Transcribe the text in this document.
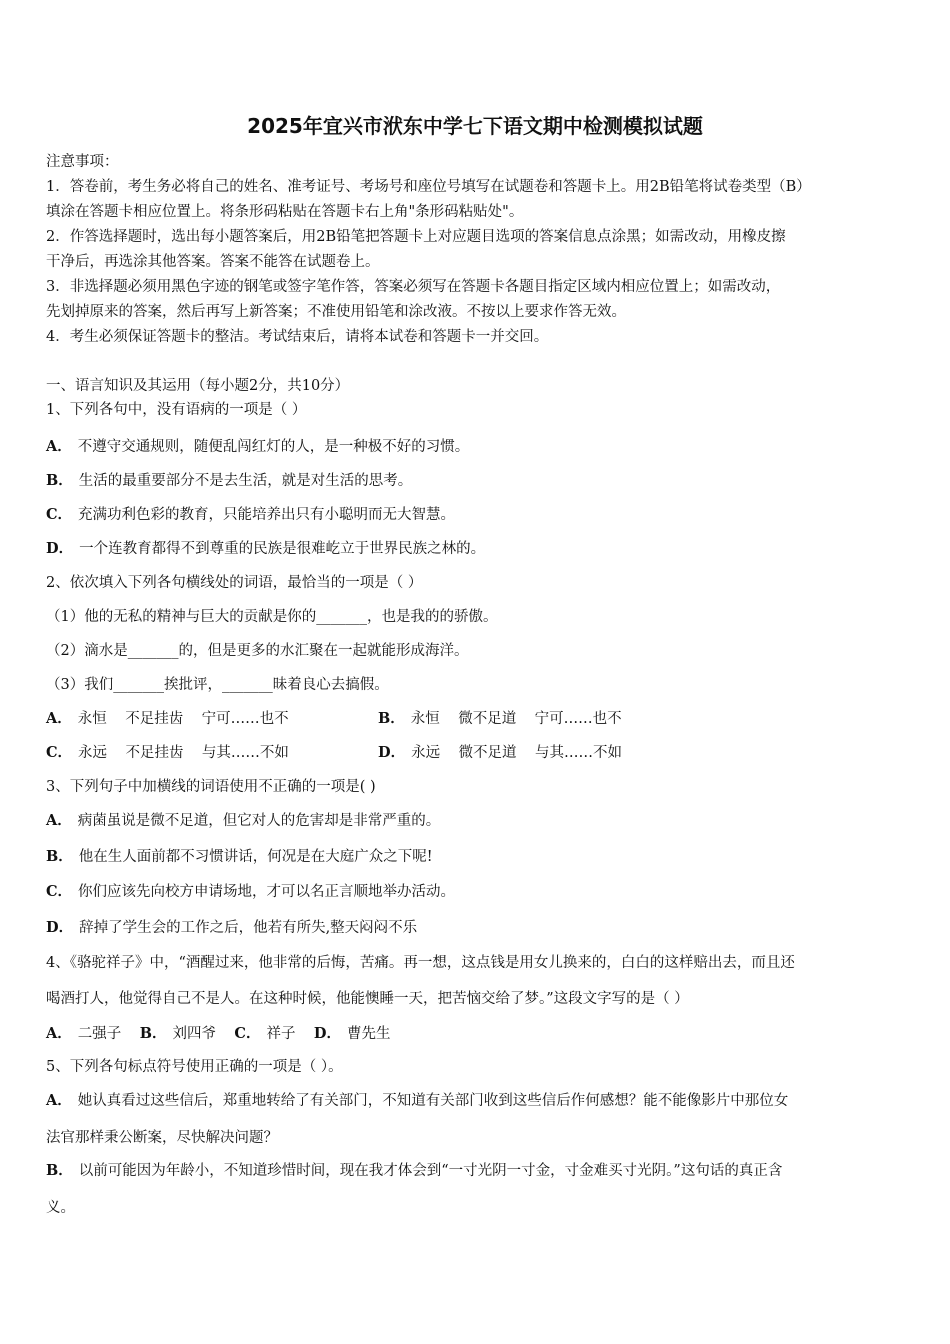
2025年宜兴市洑东中学七下语文期中检测模拟试题
注意事项：
1．答卷前，考生务必将自己的姓名、准考证号、考场号和座位号填写在试题卷和答题卡上。用2B铅笔将试卷类型（B）
填涂在答题卡相应位置上。将条形码粘贴在答题卡右上角"条形码粘贴处"。
2．作答选择题时，选出每小题答案后，用2B铅笔把答题卡上对应题目选项的答案信息点涂黑；如需改动，用橡皮擦
干净后，再选涂其他答案。答案不能答在试题卷上。
3．非选择题必须用黑色字迹的钢笔或签字笔作答，答案必须写在答题卡各题目指定区域内相应位置上；如需改动，
先划掉原来的答案，然后再写上新答案；不准使用铅笔和涂改液。不按以上要求作答无效。
4．考生必须保证答题卡的整洁。考试结束后，请将本试卷和答题卡一并交回。
一、语言知识及其运用（每小题2分，共10分）
1、下列各句中，没有语病的一项是（ ）
A． 不遵守交通规则，随便乱闯红灯的人，是一种极不好的习惯。
B． 生活的最重要部分不是去生活，就是对生活的思考。
C． 充满功利色彩的教育，只能培养出只有小聪明而无大智慧。
D． 一个连教育都得不到尊重的民族是很难屹立于世界民族之林的。
2、依次填入下列各句横线处的词语，最恰当的一项是（ ）
（1）他的无私的精神与巨大的贡献是你的_______，也是我的的骄傲。
（2）滴水是_______的，但是更多的水汇聚在一起就能形成海洋。
（3）我们_______挨批评，_______昧着良心去搞假。
A． 永恒    不足挂齿    宁可……也不	B． 永恒    微不足道    宁可……也不
C． 永远    不足挂齿    与其……不如	D． 永远    微不足道    与其……不如
3、下列句子中加横线的词语使用不正确的一项是( )
A． 病菌虽说是微不足道，但它对人的危害却是非常严重的。
B． 他在生人面前都不习惯讲话，何况是在大庭广众之下呢!
C． 你们应该先向校方申请场地，才可以名正言顺地举办活动。
D． 辞掉了学生会的工作之后，他若有所失,整天闷闷不乐
4、《骆驼祥子》中，“酒醒过来，他非常的后悔，苦痛。再一想，这点钱是用女儿换来的，白白的这样赔出去，而且还
喝酒打人，他觉得自己不是人。在这种时候，他能懊睡一天，把苦恼交给了梦。”这段文字写的是（ ）
A． 二强子 B． 刘四爷 C． 祥子 D． 曹先生
5、下列各句标点符号使用正确的一项是（ ）。
A． 她认真看过这些信后，郑重地转给了有关部门，不知道有关部门收到这些信后作何感想？能不能像影片中那位女
法官那样秉公断案，尽快解决问题？
B． 以前可能因为年龄小，不知道珍惜时间，现在我才体会到“一寸光阴一寸金，寸金难买寸光阴。”这句话的真正含
义。
